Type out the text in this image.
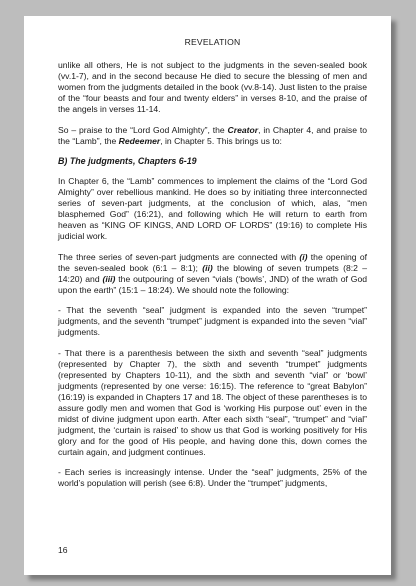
REVELATION

unlike all others, He is not subject to the judgments in the seven-sealed book (vv.1-7), and in the second because He died to secure the blessing of men and women from the judgments detailed in the book (vv.8-14). Just listen to the praise of the “four beasts and four and twenty elders” in verses 8-10, and the praise of the angels in verses 11-14.

So – praise to the “Lord God Almighty”, the Creator, in Chapter 4, and praise to the “Lamb”, the Redeemer, in Chapter 5. This brings us to:

B) The judgments, Chapters 6-19

In Chapter 6, the “Lamb” commences to implement the claims of the “Lord God Almighty” over rebellious mankind. He does so by initiating three interconnected series of seven-part judgments, at the conclusion of which, alas, “men blasphemed God” (16:21), and following which He will return to earth from heaven as “KING OF KINGS, AND LORD OF LORDS” (19:16) to complete His judicial work.

The three series of seven-part judgments are connected with (i) the opening of the seven-sealed book (6:1 – 8:1); (ii) the blowing of seven trumpets (8:2 – 14:20) and (iii) the outpouring of seven “vials (‘bowls’, JND) of the wrath of God upon the earth” (15:1 – 18:24). We should note the following:

- That the seventh “seal” judgment is expanded into the seven “trumpet” judgments, and the seventh “trumpet” judgment is expanded into the seven “vial” judgments.

- That there is a parenthesis between the sixth and seventh “seal” judgments (represented by Chapter 7), the sixth and seventh “trumpet” judgments (represented by Chapters 10-11), and the sixth and seventh “vial” or ‘bowl’ judgments (represented by one verse: 16:15). The reference to “great Babylon” (16:19) is expanded in Chapters 17 and 18. The object of these parentheses is to assure godly men and women that God is ‘working His purpose out’ even in the midst of divine judgment upon earth. After each sixth “seal”, “trumpet” and “vial” judgment, the ‘curtain is raised’ to show us that God is working positively for His glory and for the good of His people, and having done this, down comes the curtain again, and judgment continues.

- Each series is increasingly intense. Under the “seal” judgments, 25% of the world’s population will perish (see 6:8). Under the “trumpet” judgments,

16
